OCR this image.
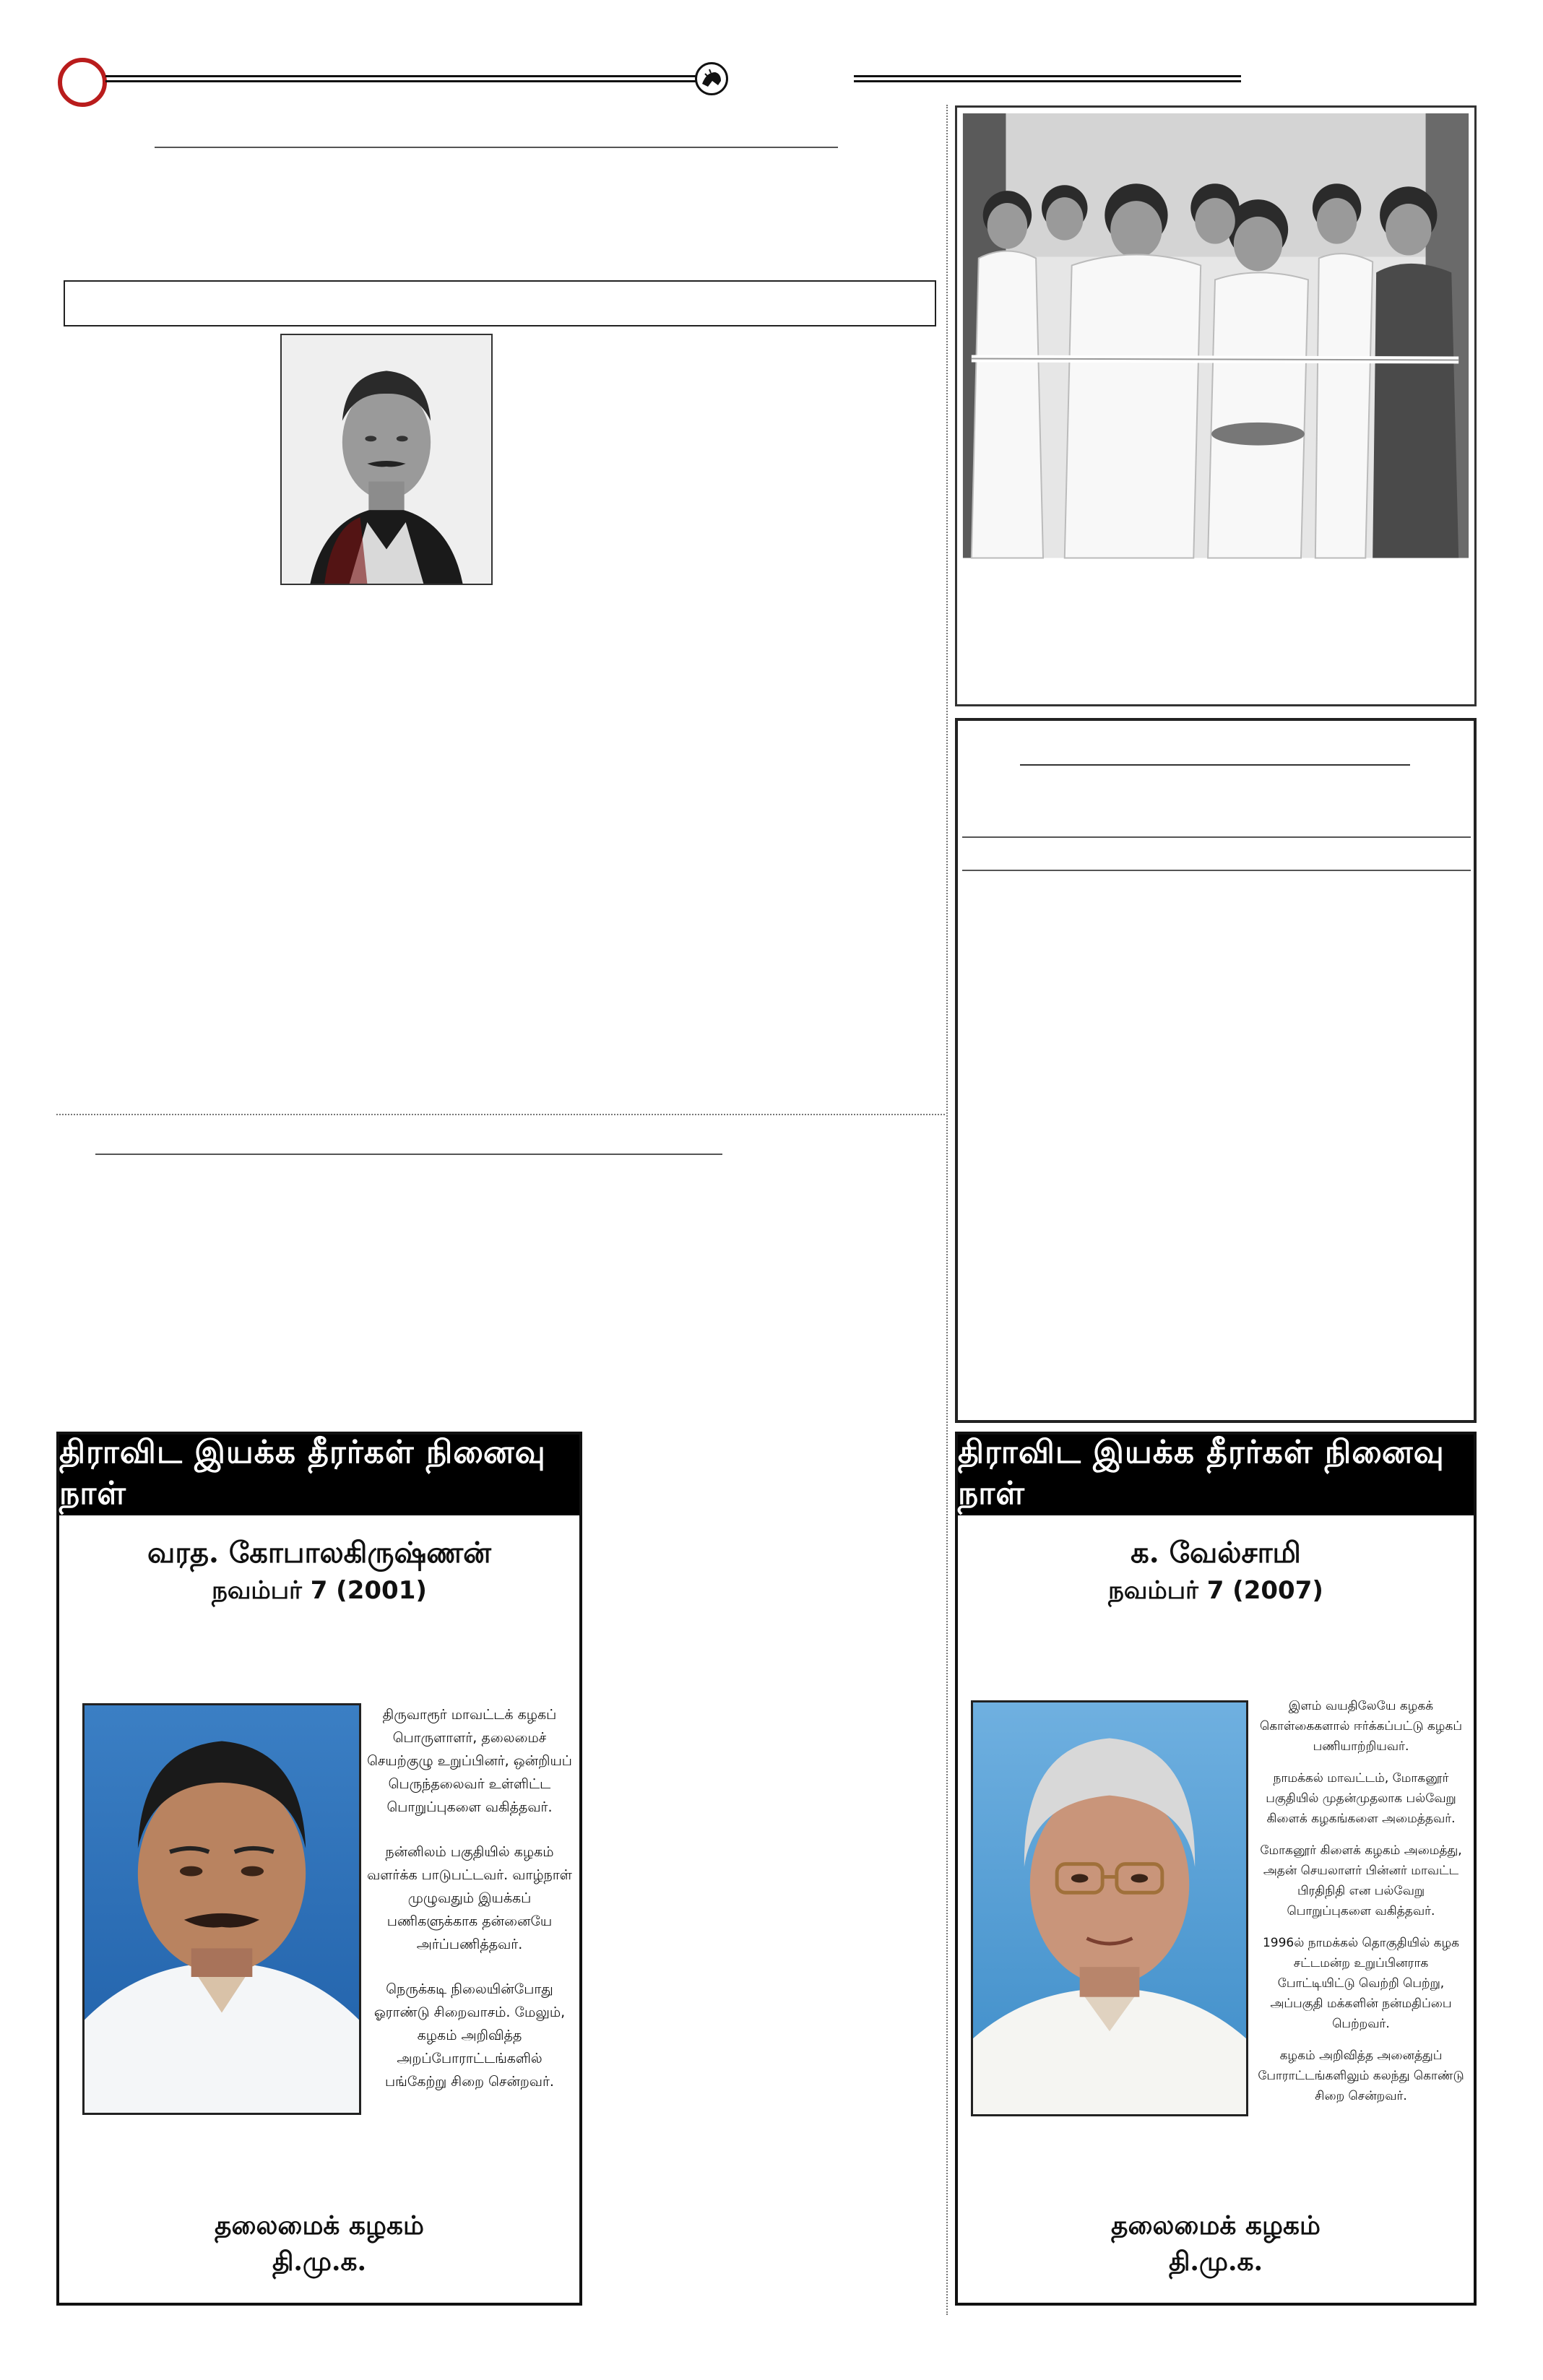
திராவிட இயக்க தீரர்கள் நினைவு நாள்
வரத. கோபாலகிருஷ்ணன்
நவம்பர் 7 (2001)

திருவாரூர் மாவட்டக் கழகப் பொருளாளர், தலைமைச் செயற்குழு உறுப்பினர், ஒன்றியப் பெருந்தலைவர் உள்ளிட்ட பொறுப்புகளை வகித்தவர்.

நன்னிலம் பகுதியில் கழகம் வளர்க்க பாடுபட்டவர். வாழ்நாள் முழுவதும் இயக்கப் பணிகளுக்காக தன்னையே அர்ப்பணித்தவர்.

நெருக்கடி நிலையின்போது ஓராண்டு சிறைவாசம். மேலும், கழகம் அறிவித்த அறப்போராட்டங்களில் பங்கேற்று சிறை சென்றவர்.

தலைமைக் கழகம்
தி.மு.க.
திராவிட இயக்க தீரர்கள் நினைவு நாள்
க. வேல்சாமி
நவம்பர் 7 (2007)

இளம் வயதிலேயே கழகக் கொள்கைகளால் ஈர்க்கப்பட்டு கழகப் பணியாற்றியவர்.

நாமக்கல் மாவட்டம், மோகனூர் பகுதியில் முதன்முதலாக பல்வேறு கிளைக் கழகங்களை அமைத்தவர்.

மோகனூர் கிளைக் கழகம் அமைத்து, அதன் செயலாளர் பின்னர் மாவட்ட பிரதிநிதி என பல்வேறு பொறுப்புகளை வகித்தவர்.

1996ல் நாமக்கல் தொகுதியில் கழக சட்டமன்ற உறுப்பினராக போட்டியிட்டு வெற்றி பெற்று, அப்பகுதி மக்களின் நன்மதிப்பை பெற்றவர்.

கழகம் அறிவித்த அனைத்துப் போராட்டங்களிலும் கலந்து கொண்டு சிறை சென்றவர்.

தலைமைக் கழகம்
தி.மு.க.
